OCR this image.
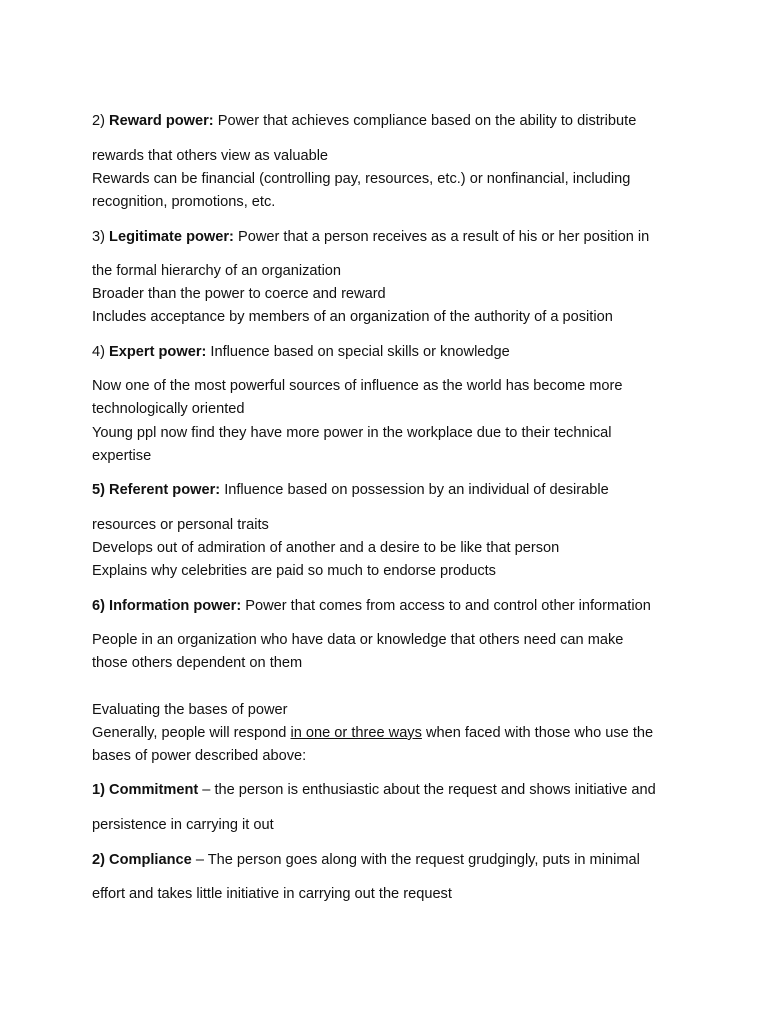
2) Reward power: Power that achieves compliance based on the ability to distribute
rewards that others view as valuable
Rewards can be financial (controlling pay, resources, etc.) or nonfinancial, including
recognition, promotions, etc.
3) Legitimate power: Power that a person receives as a result of his or her position in
the formal hierarchy of an organization
Broader than the power to coerce and reward
Includes acceptance by members of an organization of the authority of a position
4) Expert power: Influence based on special skills or knowledge
Now one of the most powerful sources of influence as the world has become more
technologically oriented
Young ppl now find they have more power in the workplace due to their technical
expertise
5) Referent power: Influence based on possession by an individual of desirable
resources or personal traits
Develops out of admiration of another and a desire to be like that person
Explains why celebrities are paid so much to endorse products
6) Information power: Power that comes from access to and control other information
People in an organization who have data or knowledge that others need can make
those others dependent on them
Evaluating the bases of power
Generally, people will respond in one or three ways when faced with those who use the
bases of power described above:
1) Commitment – the person is enthusiastic about the request and shows initiative and
persistence in carrying it out
2) Compliance – The person goes along with the request grudgingly, puts in minimal
effort and takes little initiative in carrying out the request
